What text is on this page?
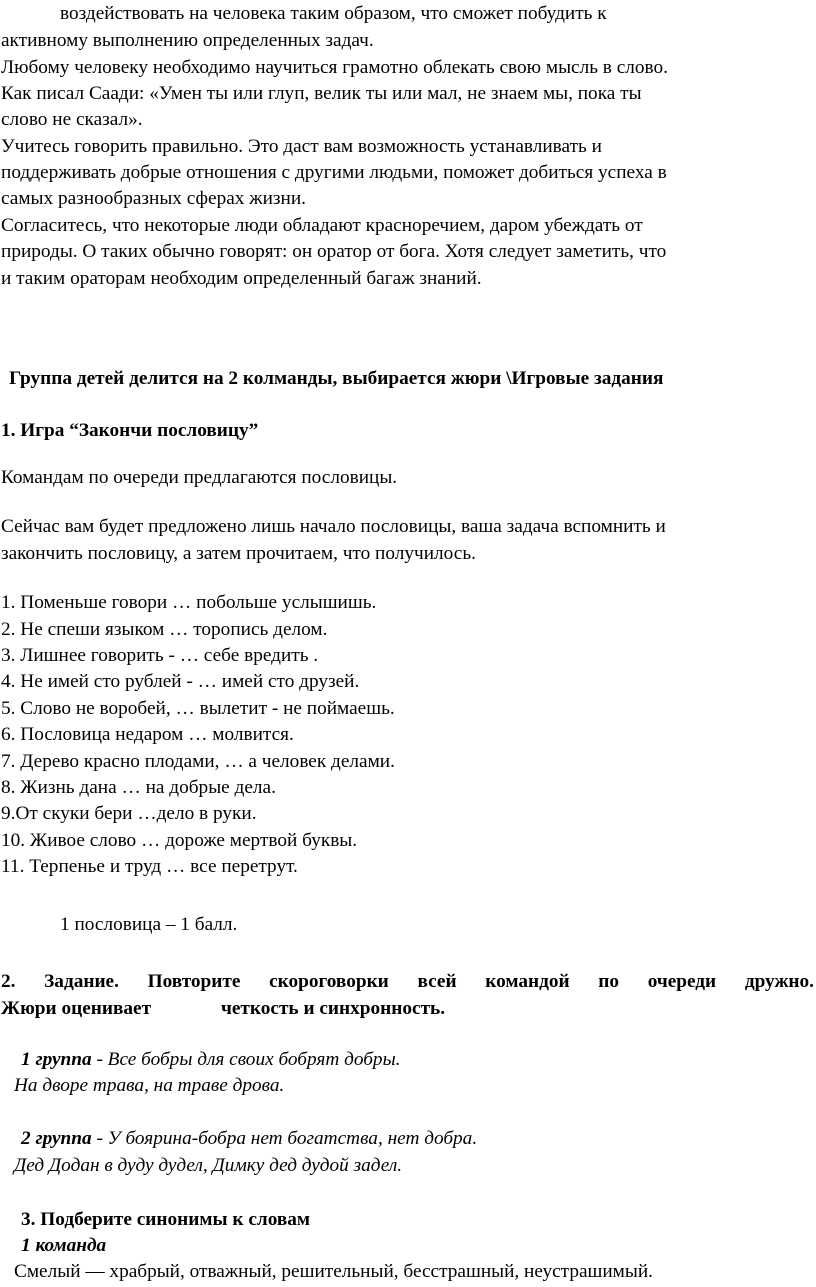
воздействовать на человека таким образом, что сможет побудить к
активному выполнению определенных задач.
Любому человеку необходимо научиться грамотно облекать свою мысль в слово.
Как писал Саади: «Умен ты или глуп, велик ты или мал, не знаем мы, пока ты
слово не сказал».
Учитесь говорить правильно. Это даст вам возможность устанавливать и
поддерживать добрые отношения с другими людьми, поможет добиться успеха в
самых разнообразных сферах жизни.
Согласитесь, что некоторые люди обладают красноречием, даром убеждать от
природы. О таких обычно говорят: он оратор от бога. Хотя следует заметить, что
и таким ораторам необходим определенный багаж знаний.
Группа детей делится на 2 колманды, выбирается жюри \Игровые задания
1. Игра “Закончи пословицу”
Командам по очереди предлагаются пословицы.
Сейчас вам будет предложено лишь начало пословицы, ваша задача вспомнить и
закончить пословицу, а затем прочитаем, что получилось.
1. Поменьше говори … побольше услышишь.
2. Не спеши языком … торопись делом.
3. Лишнее говорить - … себе вредить .
4. Не имей сто рублей - … имей сто друзей.
5. Слово не воробей, … вылетит - не поймаешь.
6. Пословица недаром … молвится.
7. Дерево красно плодами, … а человек делами.
8. Жизнь дана … на добрые дела.
9.От скуки бери …дело в руки.
10. Живое слово … дороже мертвой буквы.
11. Терпенье и труд … все перетрут.
1 пословица – 1 балл.
2. Задание. Повторите скороговорки всей командой по очереди дружно.
Жюри оценивает	четкость и синхронность.
1 группа - Все бобры для своих бобрят добры.
На дворе трава, на траве дрова.
2 группа - У боярина-бобра нет богатства, нет добра.
Дед Додан в дуду дудел, Димку дед дудой задел.
3. Подберите синонимы к словам
1 команда
Смелый — храбрый, отважный, решительный, бесстрашный, неустрашимый.
